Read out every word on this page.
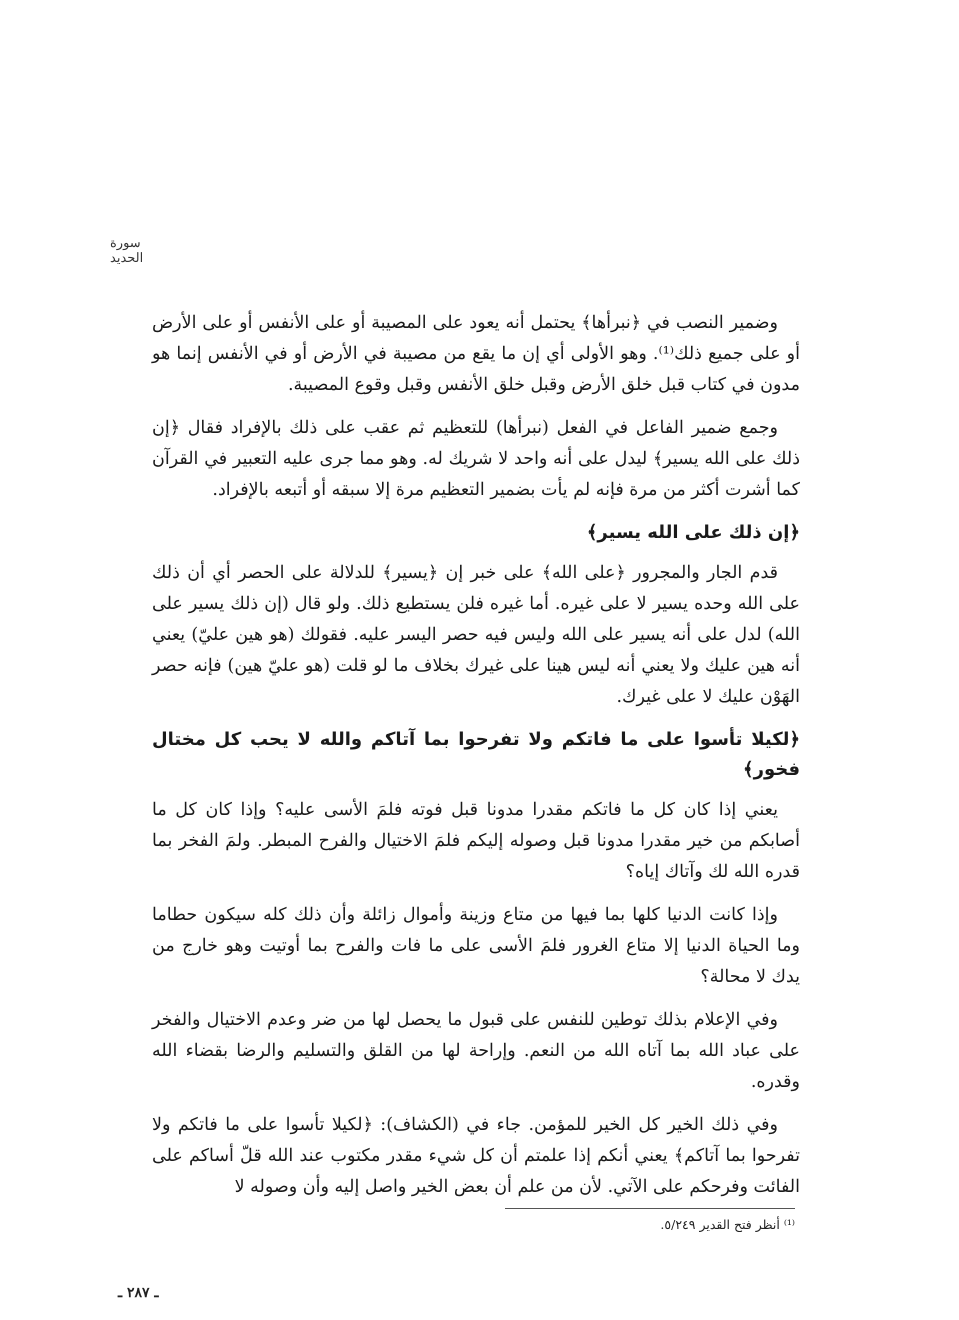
سورة الحديد

وضمير النصب في ﴿نبرأها﴾ يحتمل أنه يعود على المصيبة أو على الأنفس أو على الأرض أو على جميع ذلك⁽¹⁾. وهو الأولى أي إن ما يقع من مصيبة في الأرض أو في الأنفس إنما هو مدون في كتاب قبل خلق الأرض وقبل خلق الأنفس وقبل وقوع المصيبة.

وجمع ضمير الفاعل في الفعل (نبرأها) للتعظيم ثم عقب على ذلك بالإفراد فقال ﴿إن ذلك على الله يسير﴾ ليدل على أنه واحد لا شريك له. وهو مما جرى عليه التعبير في القرآن كما أشرت أكثر من مرة فإنه لم يأت بضمير التعظيم مرة إلا سبقه أو أتبعه بالإفراد.

﴿إن ذلك على الله يسير﴾

قدم الجار والمجرور ﴿على الله﴾ على خبر إن ﴿يسير﴾ للدلالة على الحصر أي أن ذلك على الله وحده يسير لا على غيره. أما غيره فلن يستطيع ذلك. ولو قال (إن ذلك يسير على الله) لدل على أنه يسير على الله وليس فيه حصر اليسر عليه. فقولك (هو هين عليّ) يعني أنه هين عليك ولا يعني أنه ليس هينا على غيرك بخلاف ما لو قلت (هو عليّ هين) فإنه حصر الهَوْن عليك لا على غيرك.

﴿لكيلا تأسوا على ما فاتكم ولا تفرحوا بما آتاكم والله لا يحب كل مختال فخور﴾

يعني إذا كان كل ما فاتكم مقدرا مدونا قبل فوته فلمَ الأسى عليه؟ وإذا كان كل ما أصابكم من خير مقدرا مدونا قبل وصوله إليكم فلمَ الاختيال والفرح المبطر. ولمَ الفخر بما قدره الله لك وآتاك إياه؟

وإذا كانت الدنيا كلها بما فيها من متاع وزينة وأموال زائلة وأن ذلك كله سيكون حطاما وما الحياة الدنيا إلا متاع الغرور فلمَ الأسى على ما فات والفرح بما أوتيت وهو خارج من يدك لا محالة؟

وفي الإعلام بذلك توطين للنفس على قبول ما يحصل لها من ضر وعدم الاختيال والفخر على عباد الله بما آتاه الله من النعم. وإراحة لها من القلق والتسليم والرضا بقضاء الله وقدره.

وفي ذلك الخير كل الخير للمؤمن. جاء في (الكشاف): ﴿لكيلا تأسوا على ما فاتكم ولا تفرحوا بما آتاكم﴾ يعني أنكم إذا علمتم أن كل شيء مقدر مكتوب عند الله قلّ أساكم على الفائت وفرحكم على الآتي. لأن من علم أن بعض الخير واصل إليه وأن وصوله لا

⁽¹⁾ أنظر فتح القدير ٥/٢٤٩.
ـ ٢٨٧ ـ
